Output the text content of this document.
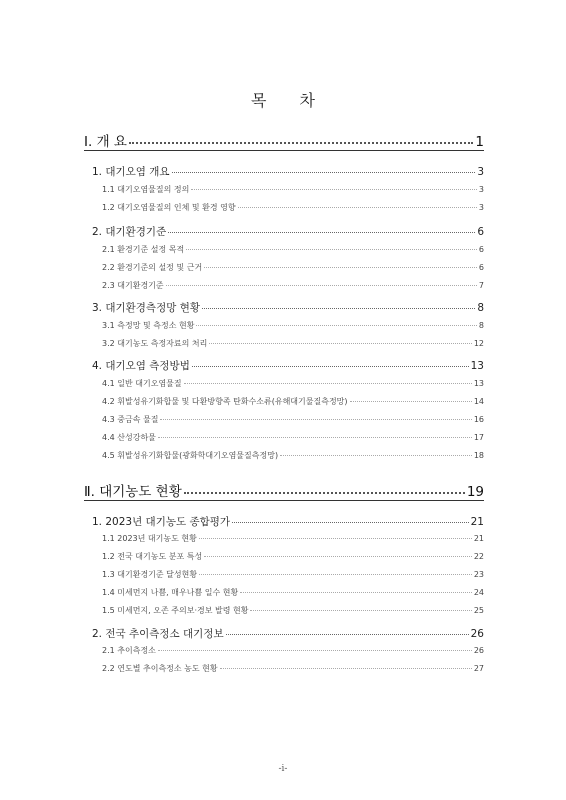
목 차
Ⅰ. 개 요	1
1. 대기오염 개요	3
1.1 대기오염물질의 정의	3
1.2 대기오염물질의 인체 및 환경 영향	3
2. 대기환경기준	6
2.1 환경기준 설정 목적	6
2.2 환경기준의 설정 및 근거	6
2.3 대기환경기준	7
3. 대기환경측정망 현황	8
3.1 측정망 및 측정소 현황	8
3.2 대기농도 측정자료의 처리	12
4. 대기오염 측정방법	13
4.1 일반 대기오염물질	13
4.2 휘발성유기화합물 및 다환방향족 탄화수소류(유해대기물질측정망)	14
4.3 중금속 물질	16
4.4 산성강하물	17
4.5 휘발성유기화합물(광화학대기오염물질측정망)	18
Ⅱ. 대기농도 현황	19
1. 2023년 대기농도 종합평가	21
1.1 2023년 대기농도 현황	21
1.2 전국 대기농도 분포 특성	22
1.3 대기환경기준 달성현황	23
1.4 미세먼지 나쁨, 매우나쁨 일수 현황	24
1.5 미세먼지, 오존 주의보·경보 발령 현황	25
2. 전국 추이측정소 대기정보	26
2.1 추이측정소	26
2.2 연도별 추이측정소 농도 현황	27
-i-
